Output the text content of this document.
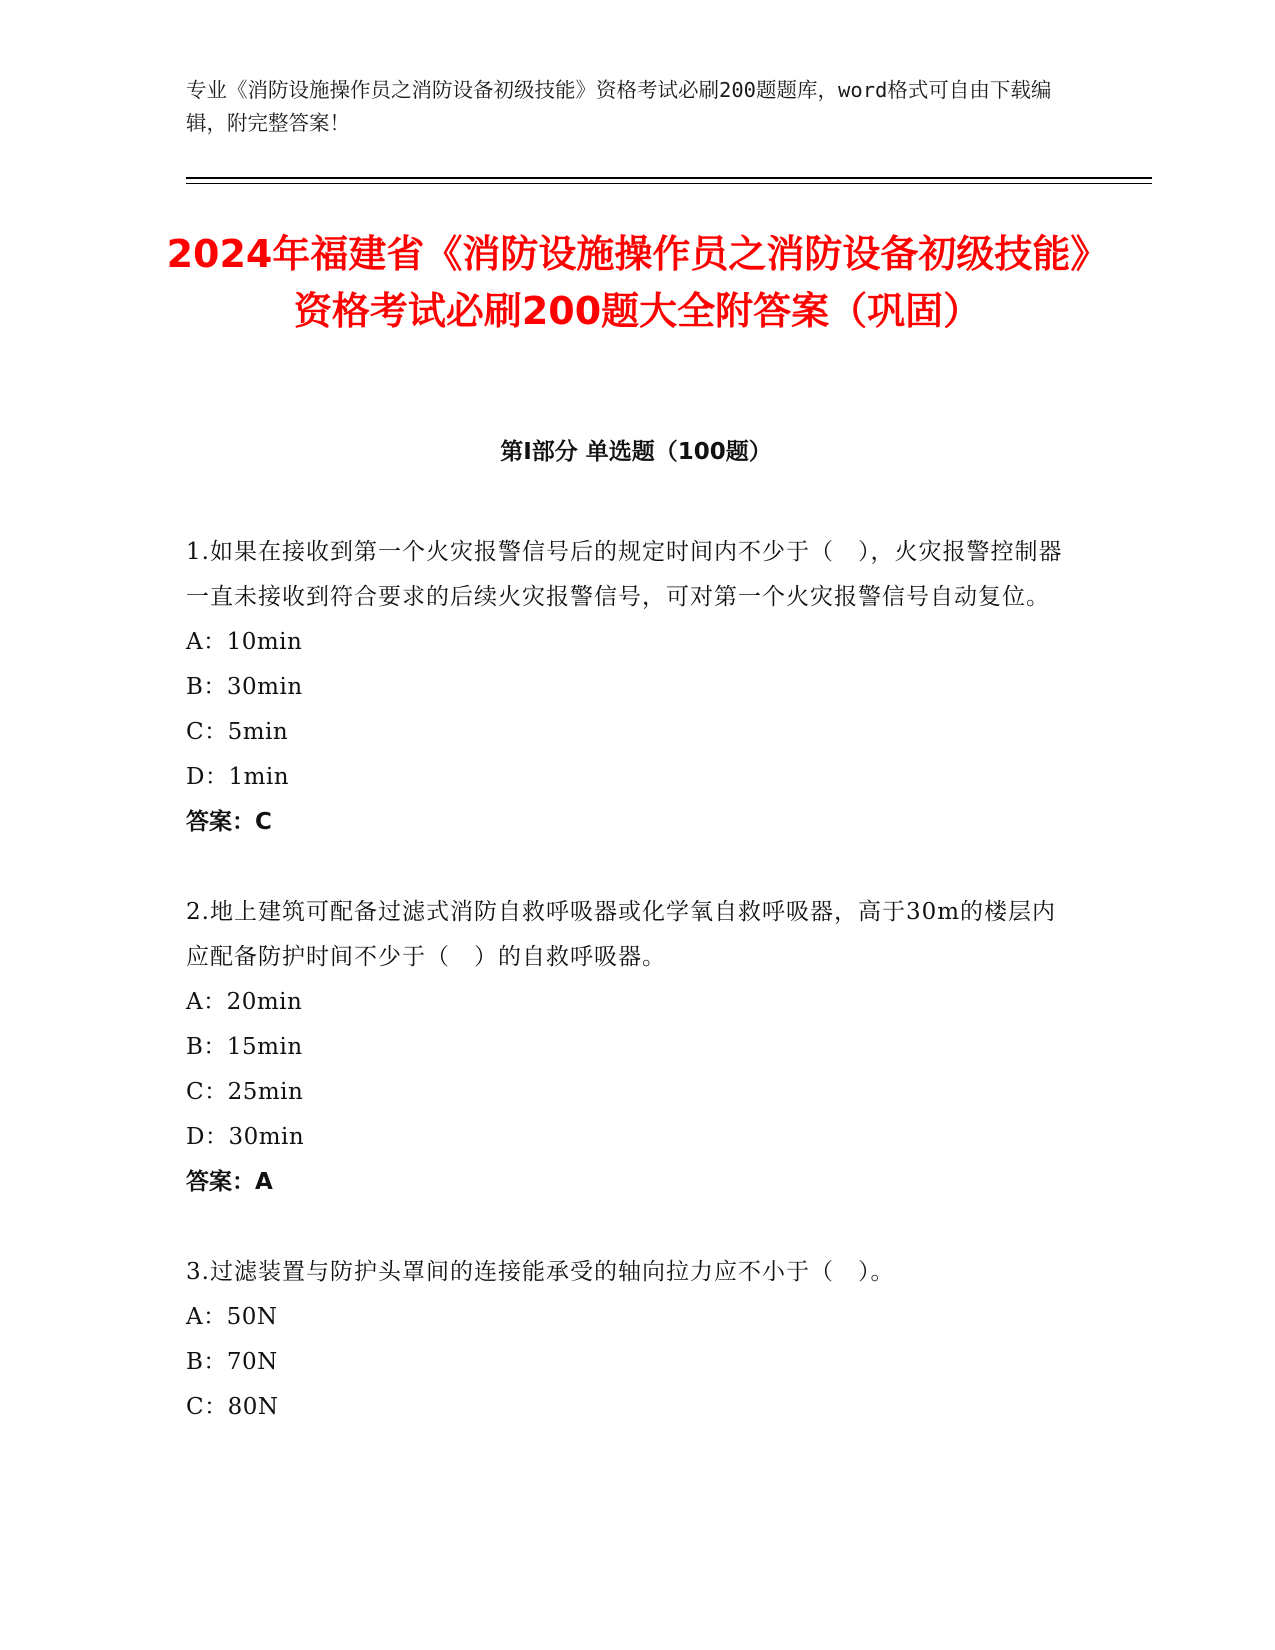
专业《消防设施操作员之消防设备初级技能》资格考试必刷200题题库，word格式可自由下载编辑，附完整答案！
2024年福建省《消防设施操作员之消防设备初级技能》资格考试必刷200题大全附答案（巩固）
第Ⅰ部分 单选题（100题）
1.如果在接收到第一个火灾报警信号后的规定时间内不少于（　），火灾报警控制器一直未接收到符合要求的后续火灾报警信号，可对第一个火灾报警信号自动复位。
A：10min
B：30min
C：5min
D：1min
答案：C
2.地上建筑可配备过滤式消防自救呼吸器或化学氧自救呼吸器，高于30m的楼层内应配备防护时间不少于（　）的自救呼吸器。
A：20min
B：15min
C：25min
D：30min
答案：A
3.过滤装置与防护头罩间的连接能承受的轴向拉力应不小于（　）。
A：50N
B：70N
C：80N
